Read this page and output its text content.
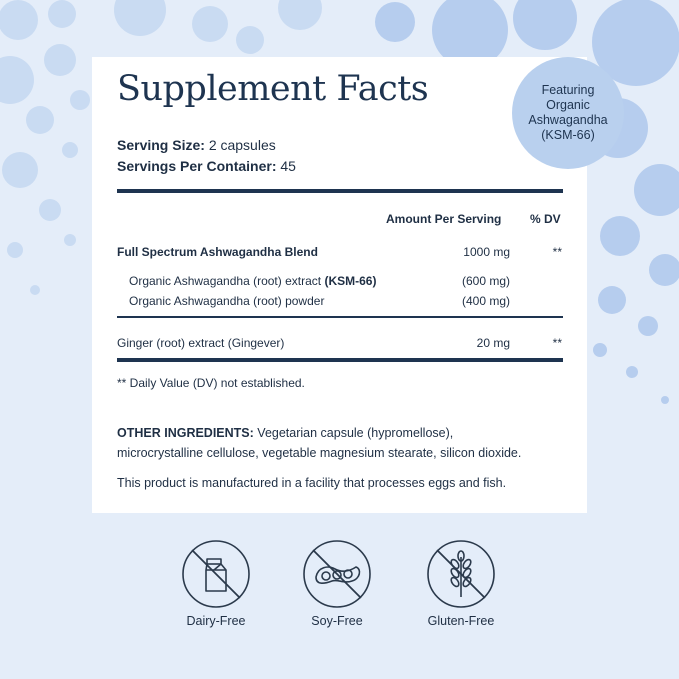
Supplement Facts
Serving Size: 2 capsules
Servings Per Container: 45
Amount Per Serving % DV
Full Spectrum Ashwagandha Blend	1000 mg	**
Organic Ashwagandha (root) extract (KSM-66)	(600 mg)
Organic Ashwagandha (root) powder	(400 mg)
Ginger (root) extract (Gingever)	20 mg	**
** Daily Value (DV) not established.
OTHER INGREDIENTS: Vegetarian capsule (hypromellose),
microcrystalline cellulose, vegetable magnesium stearate, silicon dioxide.
This product is manufactured in a facility that processes eggs and fish.
Featuring
Organic
Ashwagandha
(KSM-66)
Dairy-Free	Soy-Free	Gluten-Free
